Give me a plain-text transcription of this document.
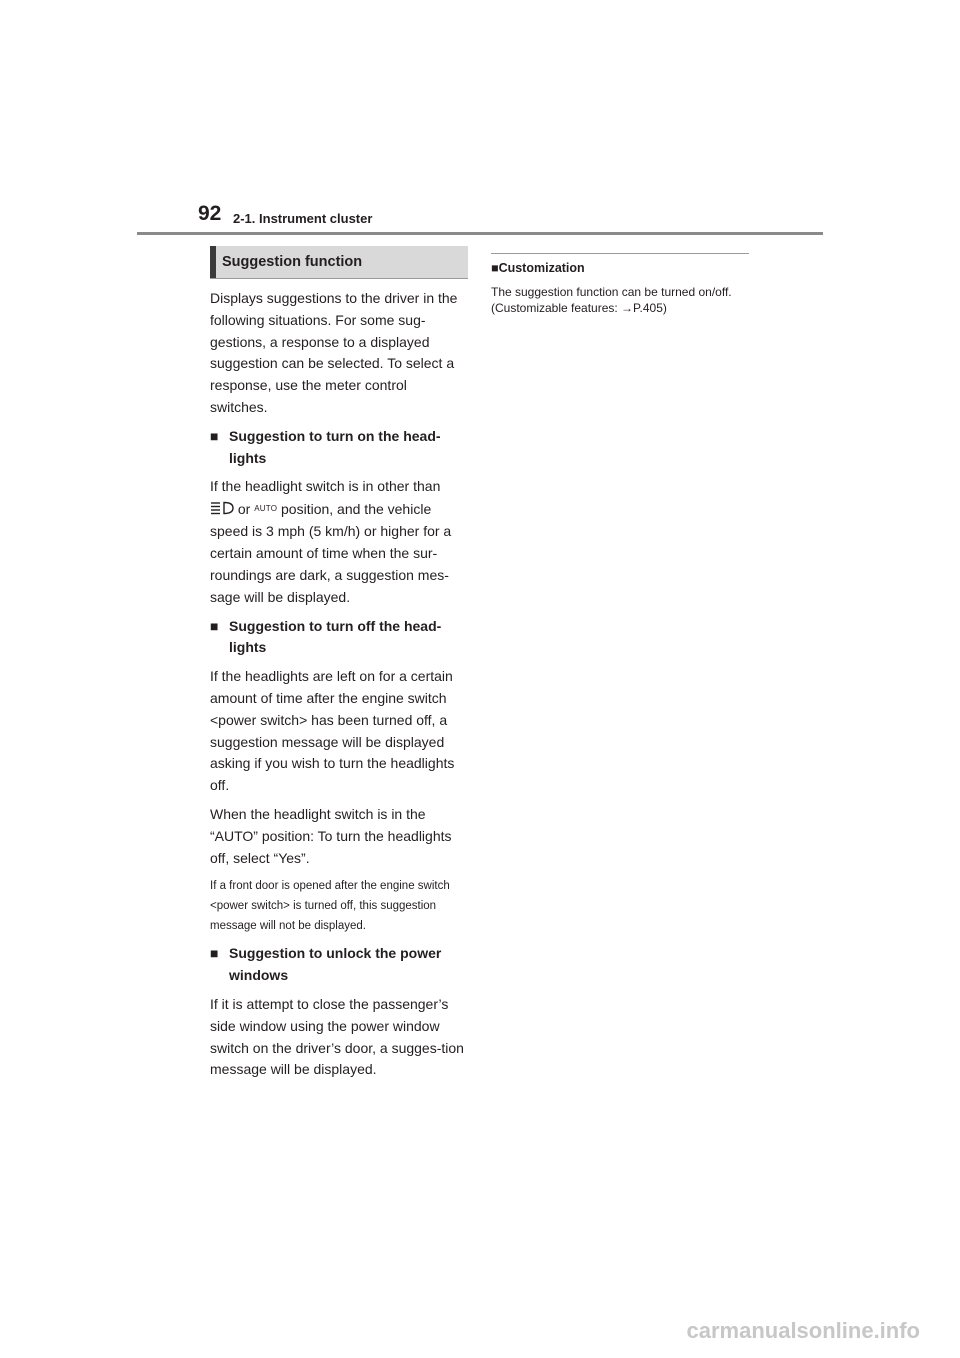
92 2-1. Instrument cluster
Suggestion function

Displays suggestions to the driver in the following situations. For some sug-gestions, a response to a displayed suggestion can be selected. To select a response, use the meter control switches.

■ Suggestion to turn on the head-lights

If the headlight switch is in other than  or $^{AUTO}$ position, and the vehicle speed is 3 mph (5 km/h) or higher for a certain amount of time when the sur-roundings are dark, a suggestion mes-sage will be displayed.

■ Suggestion to turn off the head-lights

If the headlights are left on for a certain amount of time after the engine switch <power switch> has been turned off, a suggestion message will be displayed asking if you wish to turn the headlights off.

When the headlight switch is in the “AUTO” position: To turn the headlights off, select “Yes”.

If a front door is opened after the engine switch <power switch> is turned off, this suggestion message will not be displayed.

■ Suggestion to unlock the power windows

If it is attempt to close the passenger’s side window using the power window switch on the driver’s door, a sugges-tion message will be displayed.

■Customization
The suggestion function can be turned on/off. (Customizable features: →P.405)
carmanualsonline.info
